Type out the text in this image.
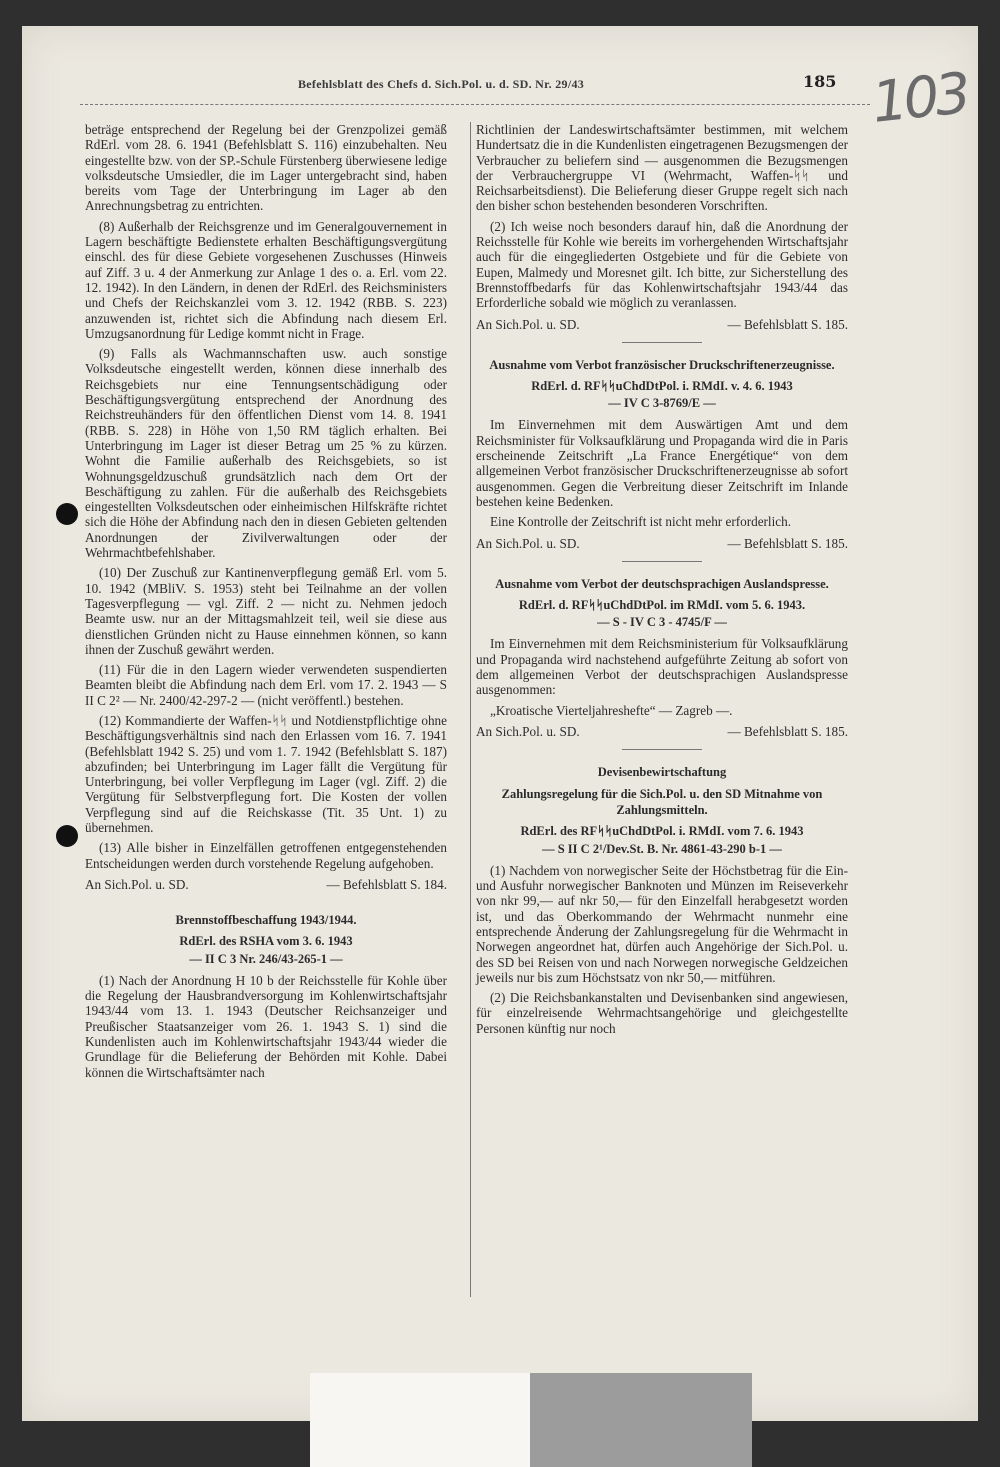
Befehlsblatt des Chefs d. Sich.Pol. u. d. SD. Nr. 29/43	185 103

beträge entsprechend der Regelung bei der Grenzpolizei gemäß RdErl. vom 28. 6. 1941 (Befehlsblatt S. 116) einzubehalten. Neu eingestellte bzw. von der SP.-Schule Fürstenberg überwiesene ledige volksdeutsche Umsiedler, die im Lager untergebracht sind, haben bereits vom Tage der Unterbringung im Lager ab den Anrechnungsbetrag zu entrichten.

(8) Außerhalb der Reichsgrenze und im Generalgouvernement in Lagern beschäftigte Bedienstete erhalten Beschäftigungsvergütung einschl. des für diese Gebiete vorgesehenen Zuschusses (Hinweis auf Ziff. 3 u. 4 der Anmerkung zur Anlage 1 des o. a. Erl. vom 22. 12. 1942). In den Ländern, in denen der RdErl. des Reichsministers und Chefs der Reichskanzlei vom 3. 12. 1942 (RBB. S. 223) anzuwenden ist, richtet sich die Abfindung nach diesem Erl. Umzugsanordnung für Ledige kommt nicht in Frage.

(9) Falls als Wachmannschaften usw. auch sonstige Volksdeutsche eingestellt werden, können diese innerhalb des Reichsgebiets nur eine Tennungsentschädigung oder Beschäftigungsvergütung entsprechend der Anordnung des Reichstreuhänders für den öffentlichen Dienst vom 14. 8. 1941 (RBB. S. 228) in Höhe von 1,50 RM täglich erhalten. Bei Unterbringung im Lager ist dieser Betrag um 25 % zu kürzen. Wohnt die Familie außerhalb des Reichsgebiets, so ist Wohnungsgeldzuschuß grundsätzlich nach dem Ort der Beschäftigung zu zahlen. Für die außerhalb des Reichsgebiets eingestellten Volksdeutschen oder einheimischen Hilfskräfte richtet sich die Höhe der Abfindung nach den in diesen Gebieten geltenden Anordnungen der Zivilverwaltungen oder der Wehrmachtbefehlshaber.

(10) Der Zuschuß zur Kantinenverpflegung gemäß Erl. vom 5. 10. 1942 (MBliV. S. 1953) steht bei Teilnahme an der vollen Tagesverpflegung — vgl. Ziff. 2 — nicht zu. Nehmen jedoch Beamte usw. nur an der Mittagsmahlzeit teil, weil sie diese aus dienstlichen Gründen nicht zu Hause einnehmen können, so kann ihnen der Zuschuß gewährt werden.

(11) Für die in den Lagern wieder verwendeten suspendierten Beamten bleibt die Abfindung nach dem Erl. vom 17. 2. 1943 — S II C 2² — Nr. 2400/42-297-2 — (nicht veröffentl.) bestehen.

(12) Kommandierte der Waffen-ᛋᛋ und Notdienstpflichtige ohne Beschäftigungsverhältnis sind nach den Erlassen vom 16. 7. 1941 (Befehlsblatt 1942 S. 25) und vom 1. 7. 1942 (Befehlsblatt S. 187) abzufinden; bei Unterbringung im Lager fällt die Vergütung für Unterbringung, bei voller Verpflegung im Lager (vgl. Ziff. 2) die Vergütung für Selbstverpflegung fort. Die Kosten der vollen Verpflegung sind auf die Reichskasse (Tit. 35 Unt. 1) zu übernehmen.

(13) Alle bisher in Einzelfällen getroffenen entgegenstehenden Entscheidungen werden durch vorstehende Regelung aufgehoben.

An Sich.Pol. u. SD.	— Befehlsblatt S. 184.
Brennstoffbeschaffung 1943/1944.
RdErl. des RSHA vom 3. 6. 1943
— II C 3 Nr. 246/43-265-1 —

(1) Nach der Anordnung H 10 b der Reichsstelle für Kohle über die Regelung der Hausbrandversorgung im Kohlenwirtschaftsjahr 1943/44 vom 13. 1. 1943 (Deutscher Reichsanzeiger und Preußischer Staatsanzeiger vom 26. 1. 1943 S. 1) sind die Kundenlisten auch im Kohlenwirtschaftsjahr 1943/44 wieder die Grundlage für die Belieferung der Behörden mit Kohle. Dabei können die Wirtschaftsämter nach

Richtlinien der Landeswirtschaftsämter bestimmen, mit welchem Hundertsatz die in die Kundenlisten eingetragenen Bezugsmengen der Verbraucher zu beliefern sind — ausgenommen die Bezugsmengen der Verbrauchergruppe VI (Wehrmacht, Waffen-ᛋᛋ und Reichsarbeitsdienst). Die Belieferung dieser Gruppe regelt sich nach den bisher schon bestehenden besonderen Vorschriften.

(2) Ich weise noch besonders darauf hin, daß die Anordnung der Reichsstelle für Kohle wie bereits im vorhergehenden Wirtschaftsjahr auch für die eingegliederten Ostgebiete und für die Gebiete von Eupen, Malmedy und Moresnet gilt. Ich bitte, zur Sicherstellung des Brennstoffbedarfs für das Kohlenwirtschaftsjahr 1943/44 das Erforderliche sobald wie möglich zu veranlassen.

An Sich.Pol. u. SD.	— Befehlsblatt S. 185.
Ausnahme vom Verbot französischer Druckschriftenerzeugnisse.
RdErl. d. RFᛋᛋuChdDtPol. i. RMdI. v. 4. 6. 1943
— IV C 3-8769/E —

Im Einvernehmen mit dem Auswärtigen Amt und dem Reichsminister für Volksaufklärung und Propaganda wird die in Paris erscheinende Zeitschrift „La France Energétique“ von dem allgemeinen Verbot französischer Druckschriftenerzeugnisse ab sofort ausgenommen. Gegen die Verbreitung dieser Zeitschrift im Inlande bestehen keine Bedenken.

Eine Kontrolle der Zeitschrift ist nicht mehr erforderlich.

An Sich.Pol. u. SD.	— Befehlsblatt S. 185.
Ausnahme vom Verbot der deutschsprachigen Auslandspresse.
RdErl. d. RFᛋᛋuChdDtPol. im RMdI. vom 5. 6. 1943.
— S - IV C 3 - 4745/F —

Im Einvernehmen mit dem Reichsministerium für Volksaufklärung und Propaganda wird nachstehend aufgeführte Zeitung ab sofort von dem allgemeinen Verbot der deutschsprachigen Auslandspresse ausgenommen:

„Kroatische Vierteljahreshefte“ — Zagreb —.

An Sich.Pol. u. SD.	— Befehlsblatt S. 185.
Devisenbewirtschaftung
Zahlungsregelung für die Sich.Pol. u. den SD Mitnahme von Zahlungsmitteln.
RdErl. des RFᛋᛋuChdDtPol. i. RMdI. vom 7. 6. 1943
— S II C 2¹/Dev.St. B. Nr. 4861-43-290 b-1 —

(1) Nachdem von norwegischer Seite der Höchstbetrag für die Ein- und Ausfuhr norwegischer Banknoten und Münzen im Reiseverkehr von nkr 99,— auf nkr 50,— für den Einzelfall herabgesetzt worden ist, und das Oberkommando der Wehrmacht nunmehr eine entsprechende Änderung der Zahlungsregelung für die Wehrmacht in Norwegen angeordnet hat, dürfen auch Angehörige der Sich.Pol. u. des SD bei Reisen von und nach Norwegen norwegische Geldzeichen jeweils nur bis zum Höchstsatz von nkr 50,— mitführen.

(2) Die Reichsbankanstalten und Devisenbanken sind angewiesen, für einzelreisende Wehrmachtsangehörige und gleichgestellte Personen künftig nur noch
